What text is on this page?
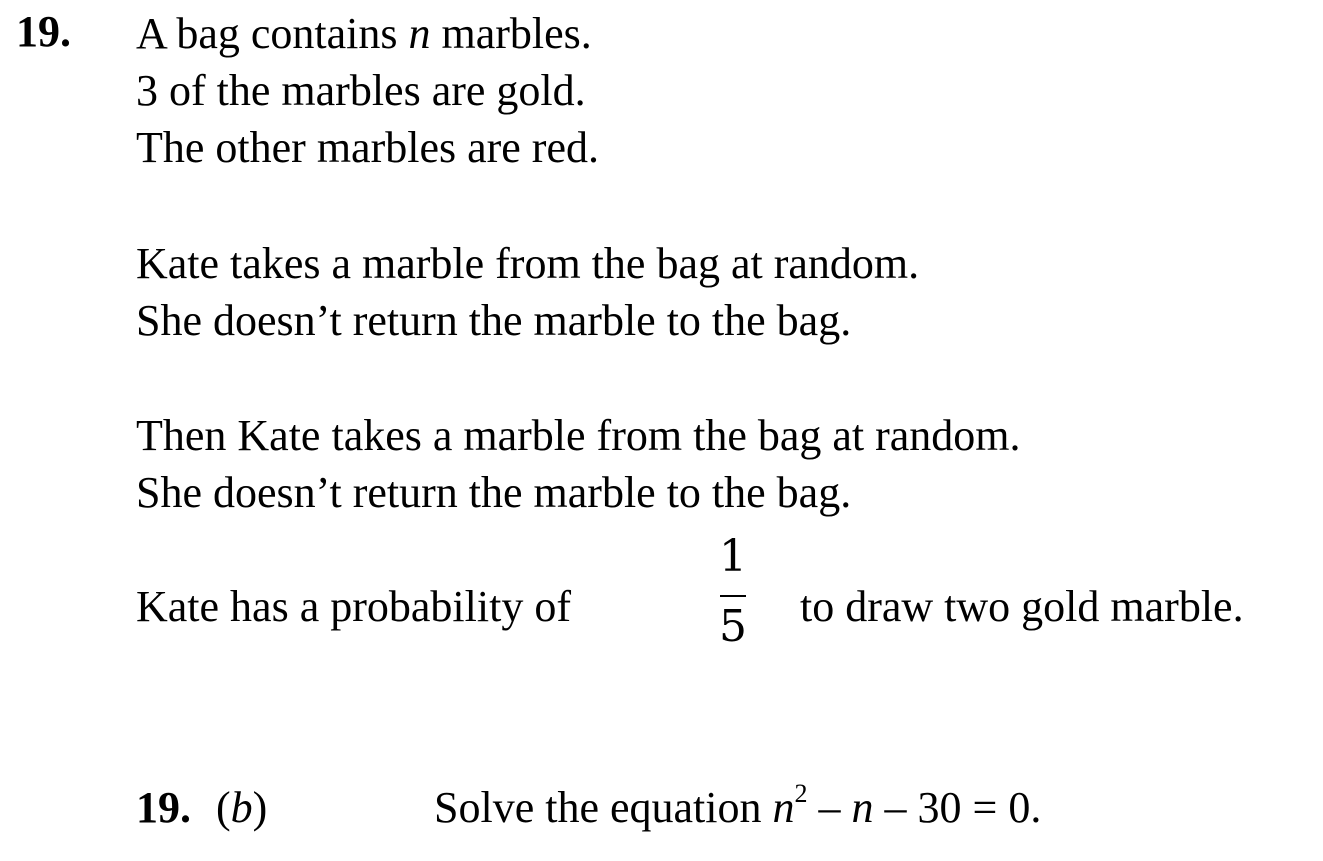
19. A bag contains n marbles.
3 of the marbles are gold.
The other marbles are red.
Kate takes a marble from the bag at random.
She doesn’t return the marble to the bag.
Then Kate takes a marble from the bag at random.
She doesn’t return the marble to the bag.
Kate has a probability of
1
5 to draw two gold marble.
19. (b)	Solve the equation $n^2 - n - 30 = 0$.
